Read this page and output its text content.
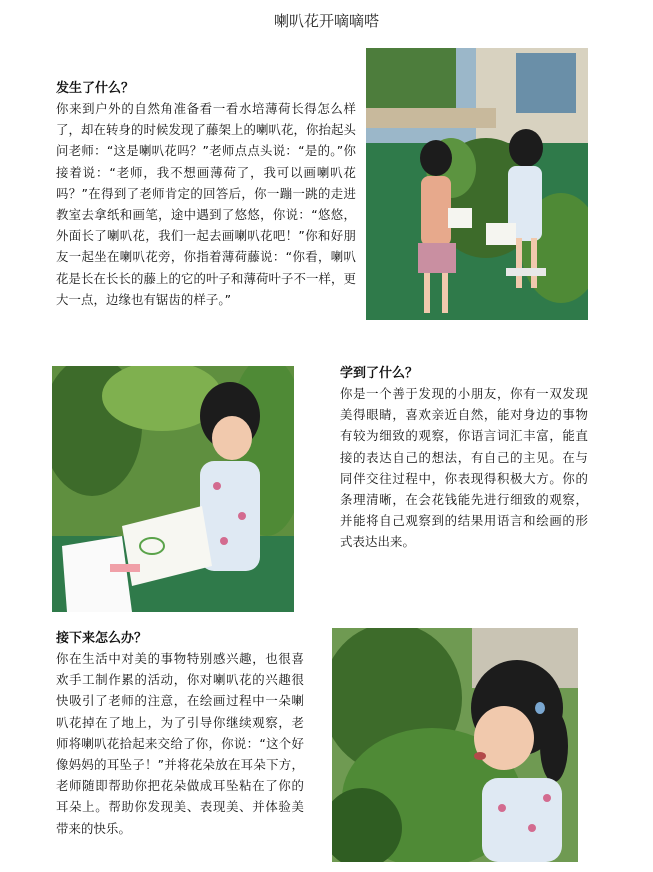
喇叭花开嘀嘀嗒
发生了什么？
你来到户外的自然角准备看一看水培薄荷长得怎么样了，却在转身的时候发现了藤架上的喇叭花，你抬起头问老师：“这是喇叭花吗？”老师点点头说：“是的。”你接着说：“老师，我不想画薄荷了，我可以画喇叭花吗？”在得到了老师肯定的回答后，你一蹦一跳的走进教室去拿纸和画笔，途中遇到了悠悠，你说：“悠悠，外面长了喇叭花，我们一起去画喇叭花吧！”你和好朋友一起坐在喇叭花旁，你指着薄荷藤说：“你看，喇叭花是长在长长的藤上的它的叶子和薄荷叶子不一样，更大一点，边缘也有锯齿的样子。”
学到了什么？
你是一个善于发现的小朋友，你有一双发现美得眼睛，喜欢亲近自然，能对身边的事物有较为细致的观察，你语言词汇丰富，能直接的表达自己的想法，有自己的主见。在与同伴交往过程中，你表现得积极大方。你的条理清晰，在会花钱能先进行细致的观察，并能将自己观察到的结果用语言和绘画的形式表达出来。
接下来怎么办？
你在生活中对美的事物特别感兴趣，也很喜欢手工制作累的活动，你对喇叭花的兴趣很快吸引了老师的注意，在绘画过程中一朵喇叭花掉在了地上，为了引导你继续观察，老师将喇叭花拾起来交给了你，你说：“这个好像妈妈的耳坠子！”并将花朵放在耳朵下方，老师随即帮助你把花朵做成耳坠粘在了你的耳朵上。帮助你发现美、表现美、并体验美带来的快乐。
